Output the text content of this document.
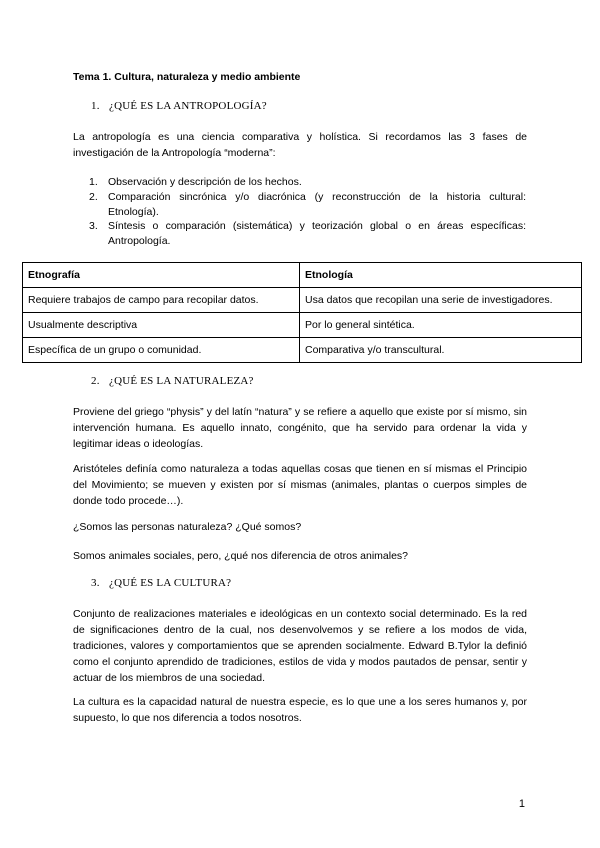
Tema 1. Cultura, naturaleza y medio ambiente
1. ¿QUÉ ES LA ANTROPOLOGÍA?
La antropología es una ciencia comparativa y holística. Si recordamos las 3 fases de investigación de la Antropología “moderna”:
1. Observación y descripción de los hechos.
2. Comparación sincrónica y/o diacrónica (y reconstrucción de la historia cultural: Etnología).
3. Síntesis o comparación (sistemática) y teorización global o en áreas específicas: Antropología.
Etnografía	Etnología
Requiere trabajos de campo para recopilar datos.	Usa datos que recopilan una serie de investigadores.
Usualmente descriptiva	Por lo general sintética.
Específica de un grupo o comunidad.	Comparativa y/o transcultural.
2. ¿QUÉ ES LA NATURALEZA?
Proviene del griego “physis” y del latín “natura” y se refiere a aquello que existe por sí mismo, sin intervención humana. Es aquello innato, congénito, que ha servido para ordenar la vida y legitimar ideas o ideologías.
Aristóteles definía como naturaleza a todas aquellas cosas que tienen en sí mismas el Principio del Movimiento; se mueven y existen por sí mismas (animales, plantas o cuerpos simples de donde todo procede…).
¿Somos las personas naturaleza? ¿Qué somos?
Somos animales sociales, pero, ¿qué nos diferencia de otros animales?
3. ¿QUÉ ES LA CULTURA?
Conjunto de realizaciones materiales e ideológicas en un contexto social determinado. Es la red de significaciones dentro de la cual, nos desenvolvemos y se refiere a los modos de vida, tradiciones, valores y comportamientos que se aprenden socialmente. Edward B.Tylor la definió como el conjunto aprendido de tradiciones, estilos de vida y modos pautados de pensar, sentir y actuar de los miembros de una sociedad.
La cultura es la capacidad natural de nuestra especie, es lo que une a los seres humanos y, por supuesto, lo que nos diferencia a todos nosotros.
1
